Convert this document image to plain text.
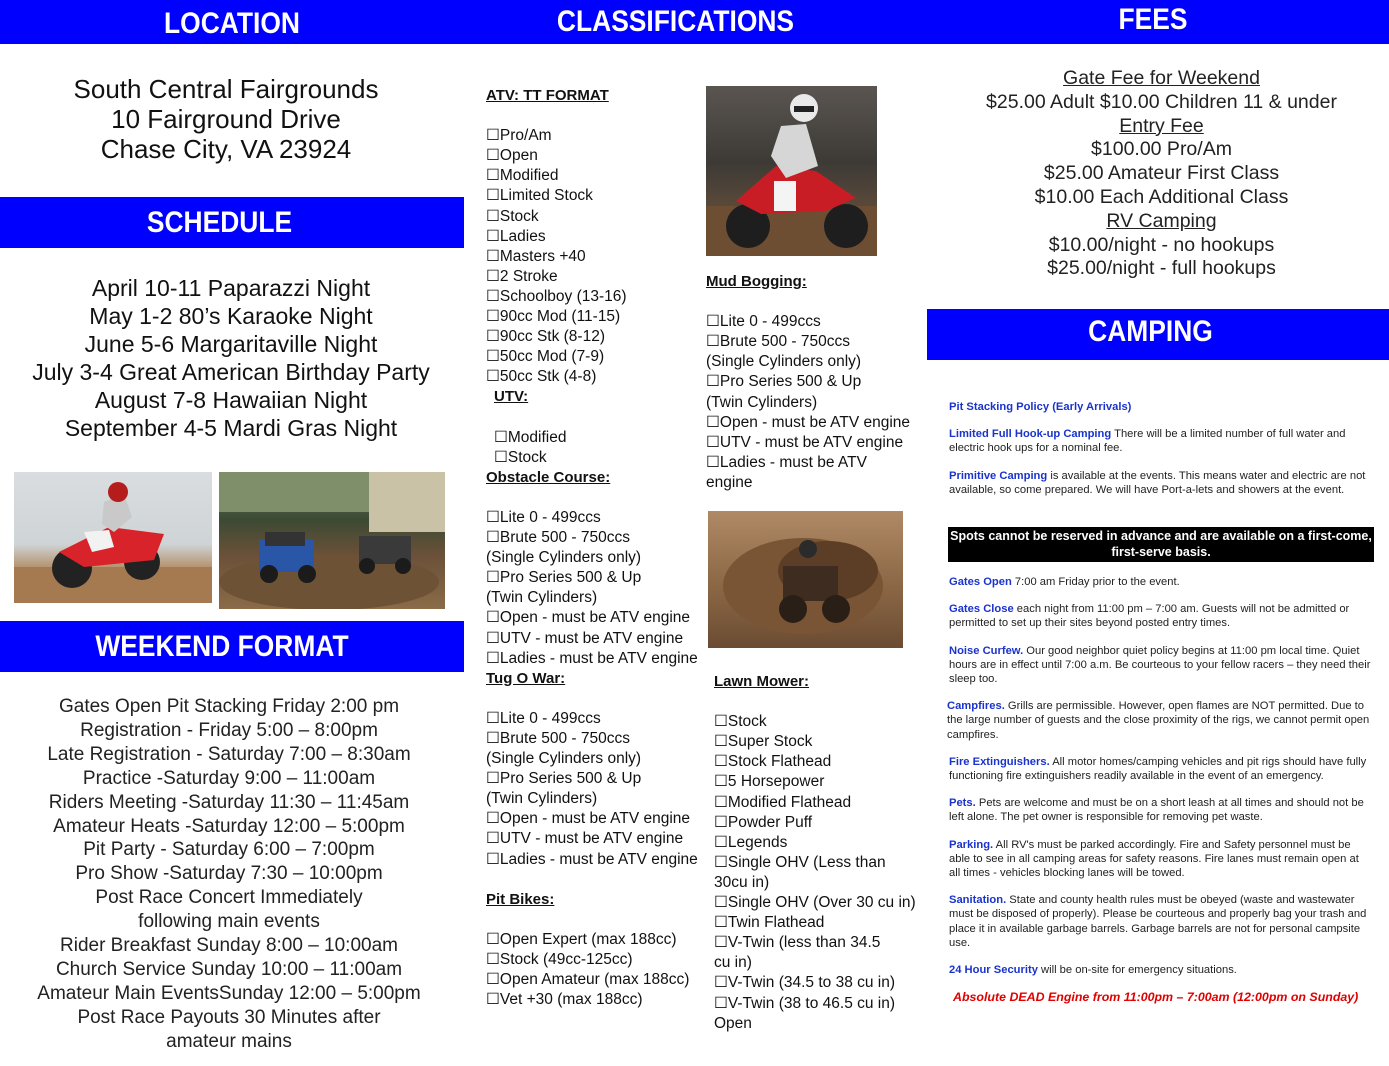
LOCATION	CLASSIFICATIONS	FEES
SCHEDULE
WEEKEND FORMAT
CAMPING
South Central Fairgrounds
10 Fairground Drive
Chase City, VA 23924
April 10-11 Paparazzi Night
May 1-2 80’s Karaoke Night
June 5-6 Margaritaville Night
July 3-4 Great American Birthday Party
August 7-8 Hawaiian Night
September 4-5 Mardi Gras Night
Gates Open Pit Stacking Friday 2:00 pm
Registration - Friday 5:00 – 8:00pm
Late Registration - Saturday 7:00 – 8:30am
Practice -Saturday 9:00 – 11:00am
Riders Meeting -Saturday 11:30 – 11:45am
Amateur Heats -Saturday 12:00 – 5:00pm
Pit Party - Saturday 6:00 – 7:00pm
Pro Show -Saturday 7:30 – 10:00pm
Post Race Concert Immediately
following main events
Rider Breakfast Sunday 8:00 – 10:00am
Church Service Sunday 10:00 – 11:00am
Amateur Main EventsSunday 12:00 – 5:00pm
Post Race Payouts 30 Minutes after
amateur mains
ATV: TT FORMAT
☐Pro/Am
☐Open
☐Modified
☐Limited Stock
☐Stock
☐Ladies
☐Masters +40
☐2 Stroke
☐Schoolboy (13-16)
☐90cc Mod (11-15)
☐90cc Stk (8-12)
☐50cc Mod (7-9)
☐50cc Stk (4-8)
UTV:
☐Modified
☐Stock
Obstacle Course:
☐Lite 0 - 499ccs
☐Brute 500 - 750ccs
(Single Cylinders only)
☐Pro Series 500 & Up
(Twin Cylinders)
☐Open - must be ATV engine
☐UTV - must be ATV engine
☐Ladies - must be ATV engine
Tug O War:
☐Lite 0 - 499ccs
☐Brute 500 - 750ccs
(Single Cylinders only)
☐Pro Series 500 & Up
(Twin Cylinders)
☐Open - must be ATV engine
☐UTV - must be ATV engine
☐Ladies - must be ATV engine
Pit Bikes:
☐Open Expert (max 188cc)
☐Stock (49cc-125cc)
☐Open Amateur (max 188cc)
☐Vet +30 (max 188cc)
Mud Bogging:
☐Lite 0 - 499ccs
☐Brute 500 - 750ccs
(Single Cylinders only)
☐Pro Series 500 & Up
(Twin Cylinders)
☐Open - must be ATV engine
☐UTV - must be ATV engine
☐Ladies - must be ATV
engine
Lawn Mower:
☐Stock
☐Super Stock
☐Stock Flathead
☐5 Horsepower
☐Modified Flathead
☐Powder Puff
☐Legends
☐Single OHV (Less than
30cu in)
☐Single OHV (Over 30 cu in)
☐Twin Flathead
☐V-Twin (less than 34.5
cu in)
☐V-Twin (34.5 to 38 cu in)
☐V-Twin (38 to 46.5 cu in)
Open
Gate Fee for Weekend
$25.00 Adult $10.00 Children 11 & under
Entry Fee
$100.00 Pro/Am
$25.00 Amateur First Class
$10.00 Each Additional Class
RV Camping
$10.00/night - no hookups
$25.00/night - full hookups

Pit Stacking Policy (Early Arrivals)

Limited Full Hook-up Camping There will be a limited number of full water and electric hook ups for a nominal fee.

Primitive Camping is available at the events. This means water and electric are not available, so come prepared. We will have Port-a-lets and showers at the event.

Spots cannot be reserved in advance and are available on a first-come, first-serve basis.

Gates Open 7:00 am Friday prior to the event.

Gates Close each night from 11:00 pm – 7:00 am. Guests will not be admitted or permitted to set up their sites beyond posted entry times.

Noise Curfew. Our good neighbor quiet policy begins at 11:00 pm local time. Quiet hours are in effect until 7:00 a.m. Be courteous to your fellow racers – they need their sleep too.

Campfires. Grills are permissible. However, open flames are NOT permitted. Due to the large number of guests and the close proximity of the rigs, we cannot permit open campfires.

Fire Extinguishers. All motor homes/camping vehicles and pit rigs should have fully functioning fire extinguishers readily available in the event of an emergency.

Pets. Pets are welcome and must be on a short leash at all times and should not be left alone. The pet owner is responsible for removing pet waste.

Parking. All RV's must be parked accordingly. Fire and Safety personnel must be able to see in all camping areas for safety reasons. Fire lanes must remain open at all times - vehicles blocking lanes will be towed.

Sanitation. State and county health rules must be obeyed (waste and wastewater must be disposed of properly). Please be courteous and properly bag your trash and place it in available garbage barrels. Garbage barrels are not for personal campsite use.

24 Hour Security will be on-site for emergency situations.

Absolute DEAD Engine from 11:00pm – 7:00am (12:00pm on Sunday)
